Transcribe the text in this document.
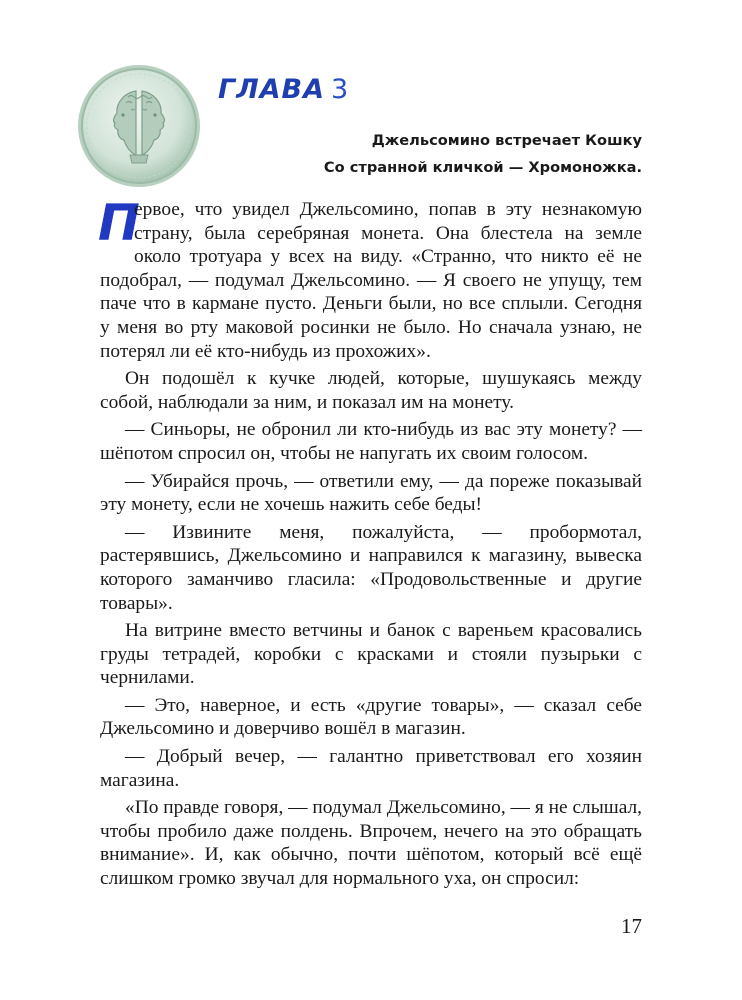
ГЛАВА 3
Джельсомино встречает Кошку
Со странной кличкой — Хромоножка.

П
ервое, что увидел Джельсомино, попав в эту незнакомую страну, была серебряная монета. Она блестела на земле около тротуара у всех на виду. «Странно, что никто её не подобрал, — подумал Джельсомино. — Я своего не упущу, тем паче что в кармане пусто. Деньги были, но все сплыли. Сегодня у меня во рту маковой росинки не было. Но сначала узнаю, не потерял ли её кто-нибудь из прохожих».

Он подошёл к кучке людей, которые, шушукаясь между собой, наблюдали за ним, и показал им на монету.

— Синьоры, не обронил ли кто-нибудь из вас эту монету? — шёпотом спросил он, чтобы не напугать их своим голосом.

— Убирайся прочь, — ответили ему, — да пореже показывай эту монету, если не хочешь нажить себе беды!

— Извините меня, пожалуйста, — пробормотал, растерявшись, Джельсомино и направился к магазину, вывеска которого заманчиво гласила: «Продовольственные и другие товары».

На витрине вместо ветчины и банок с вареньем красовались груды тетрадей, коробки с красками и стояли пузырьки с чернилами.

— Это, наверное, и есть «другие товары», — сказал себе Джельсомино и доверчиво вошёл в магазин.

— Добрый вечер, — галантно приветствовал его хозяин магазина.

«По правде говоря, — подумал Джельсомино, — я не слышал, чтобы пробило даже полдень. Впрочем, нечего на это обращать внимание». И, как обычно, почти шёпотом, который всё ещё слишком громко звучал для нормального уха, он спросил:

17
